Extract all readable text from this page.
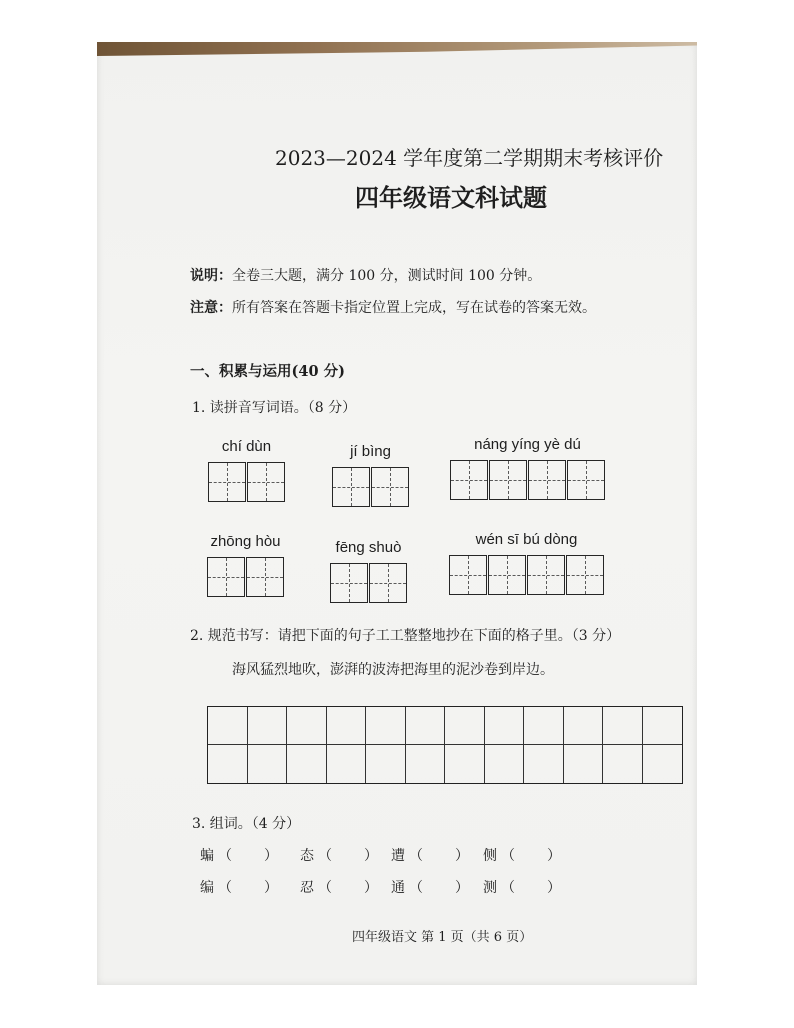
2023—2024 学年度第二学期期末考核评价
四年级语文科试题
说明：全卷三大题，满分 100 分，测试时间 100 分钟。
注意：所有答案在答题卡指定位置上完成，写在试卷的答案无效。
一、积累与运用(40 分)
1. 读拼音写词语。（8 分）
chí dùn	jí bìng	náng yíng yè dú
zhōng hòu	fēng shuò	wén sī bú dòng
2. 规范书写：请把下面的句子工工整整地抄在下面的格子里。（3 分）
海风猛烈地吹，澎湃的波涛把海里的泥沙卷到岸边。
3. 组词。（4 分）
蝙 （ ） 态 （ ） 遭 （ ） 侧 （ ）
编 （ ） 忍 （ ） 通 （ ） 测 （ ）
四年级语文 第 1 页（共 6 页）
